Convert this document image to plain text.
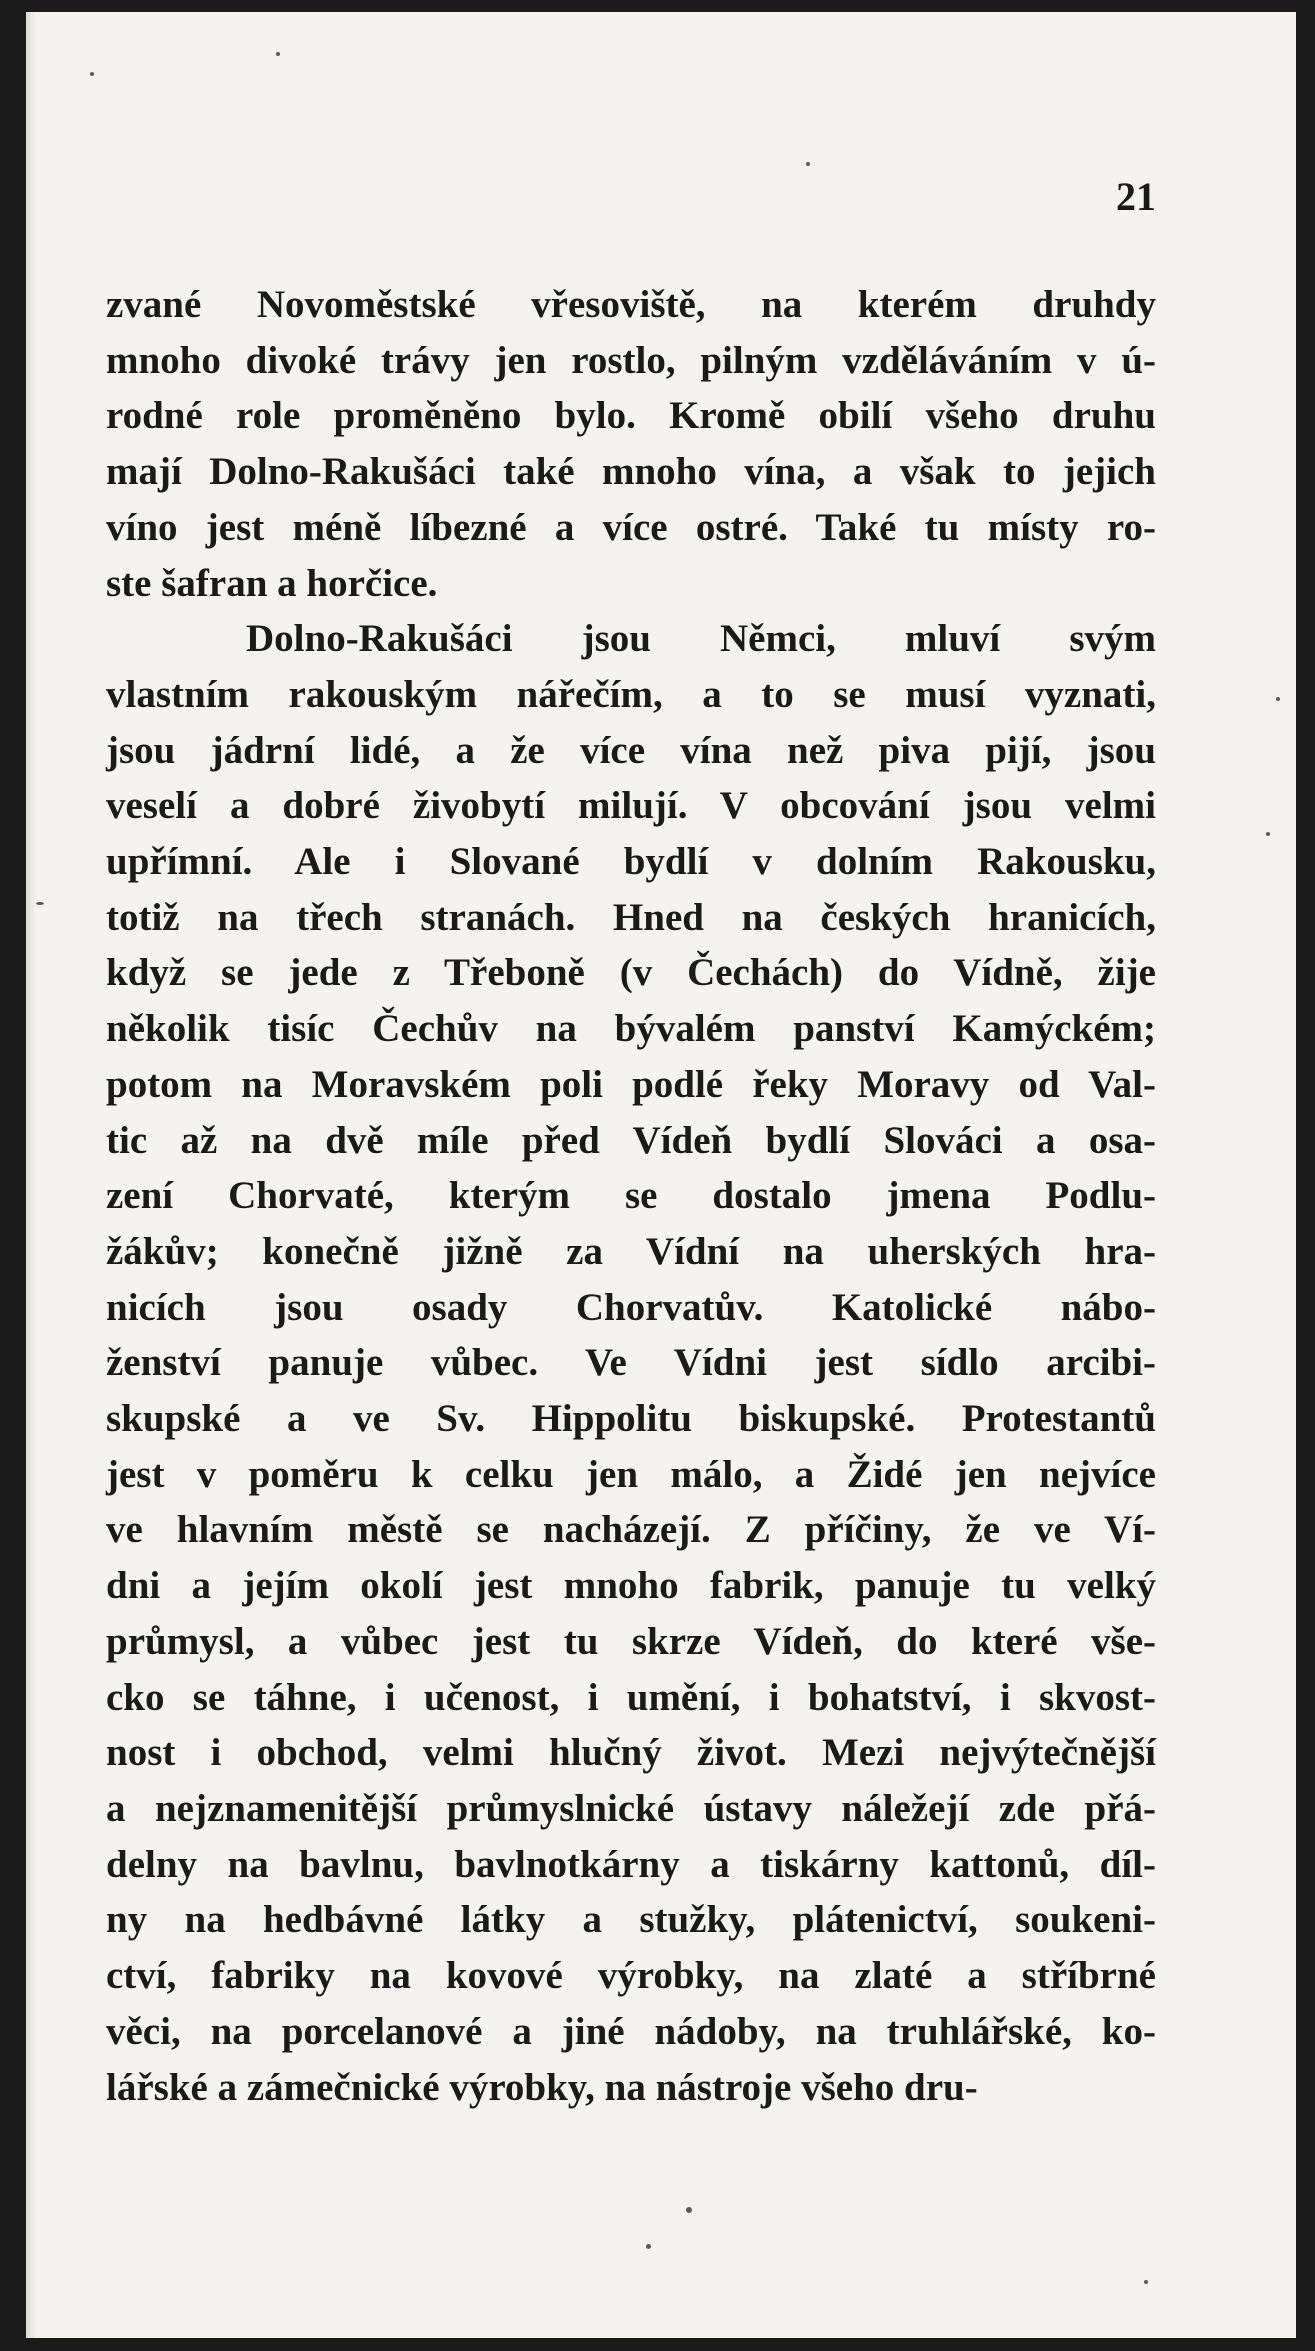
21

zvané Novoměstské vřesoviště, na kterém druhdy
mnoho divoké trávy jen rostlo, pilným vzděláváním v ú-
rodné role proměněno bylo. Kromě obilí všeho druhu
mají Dolno-Rakušáci také mnoho vína, a však to jejich
víno jest méně líbezné a více ostré. Také tu místy ro-
ste šafran a horčice.
Dolno-Rakušáci jsou Němci, mluví svým
vlastním rakouským nářečím, a to se musí vyznati,
jsou jádrní lidé, a že více vína než piva pijí, jsou
veselí a dobré živobytí milují. V obcování jsou velmi
upřímní. Ale i Slované bydlí v dolním Rakousku,
totiž na třech stranách. Hned na českých hranicích,
když se jede z Třeboně (v Čechách) do Vídně, žije
několik tisíc Čechův na bývalém panství Kamýckém;
potom na Moravském poli podlé řeky Moravy od Val-
tic až na dvě míle před Vídeň bydlí Slováci a osa-
zení Chorvaté, kterým se dostalo jmena Podlu-
žákův; konečně jižně za Vídní na uherských hra-
nicích jsou osady Chorvatův. Katolické nábo-
ženství panuje vůbec. Ve Vídni jest sídlo arcibi-
skupské a ve Sv. Hippolitu biskupské. Protestantů
jest v poměru k celku jen málo, a Židé jen nejvíce
ve hlavním městě se nacházejí. Z příčiny, že ve Ví-
dni a jejím okolí jest mnoho fabrik, panuje tu velký
průmysl, a vůbec jest tu skrze Vídeň, do které vše-
cko se táhne, i učenost, i umění, i bohatství, i skvost-
nost i obchod, velmi hlučný život. Mezi nejvýtečnější
a nejznamenitější průmyslnické ústavy náležejí zde přá-
delny na bavlnu, bavlnotkárny a tiskárny kattonů, díl-
ny na hedbávné látky a stužky, plátenictví, soukeni-
ctví, fabriky na kovové výrobky, na zlaté a stříbrné
věci, na porcelanové a jiné nádoby, na truhlářské, ko-
lářské a zámečnické výrobky, na nástroje všeho dru-
